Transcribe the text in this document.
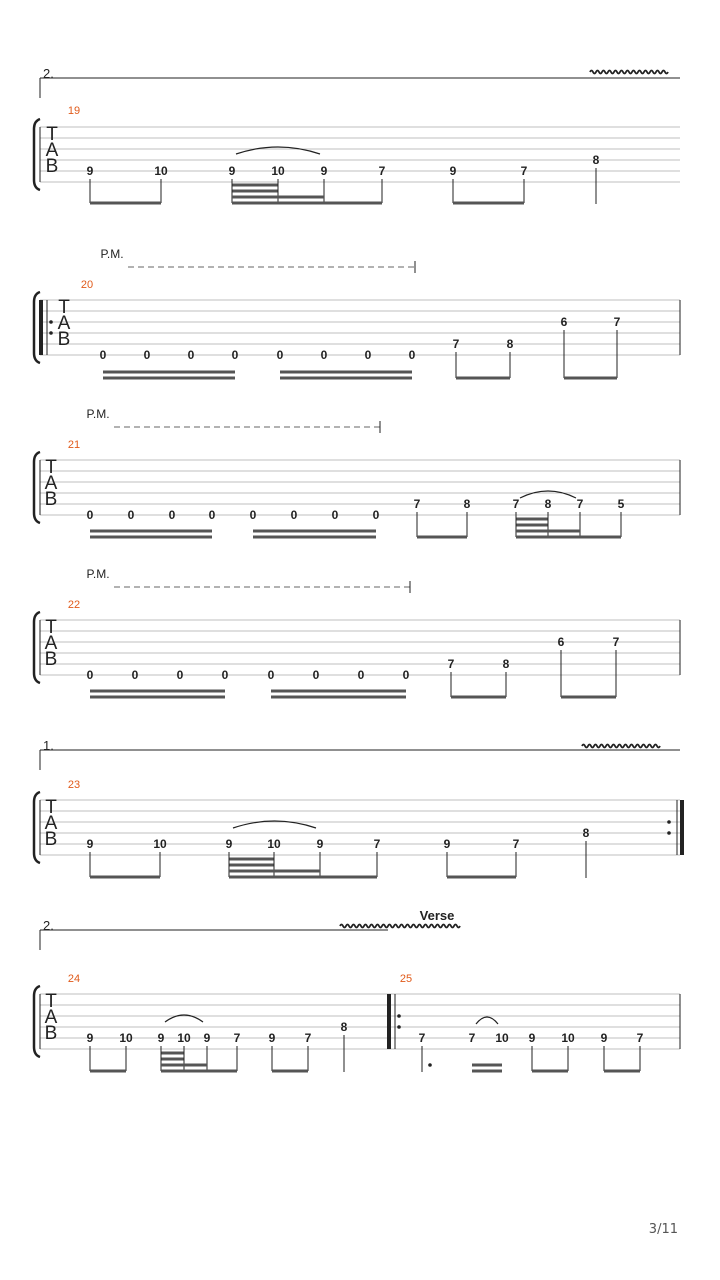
T
A
B
2.
19
9	10	9	10	9	7	9	7
8
T
A
B
P.M.
20
0	0	0	0	0	0	0	0
7	8
6	7
T
A
B
P.M.
21
0	0	0	0	0	0	0	0
7	8	7 8 7	5
T
A
B
P.M.
22
0	0	0	0	0	0	0	0
7	8
6	7
T
A
B
1.
23
9	10	9	10	9	7	9	7
8
T
A
B
2.
Verse
24	25
9 10 9 10 9 7 9 7
8
7	7 10 9 10 9 7
3/11
